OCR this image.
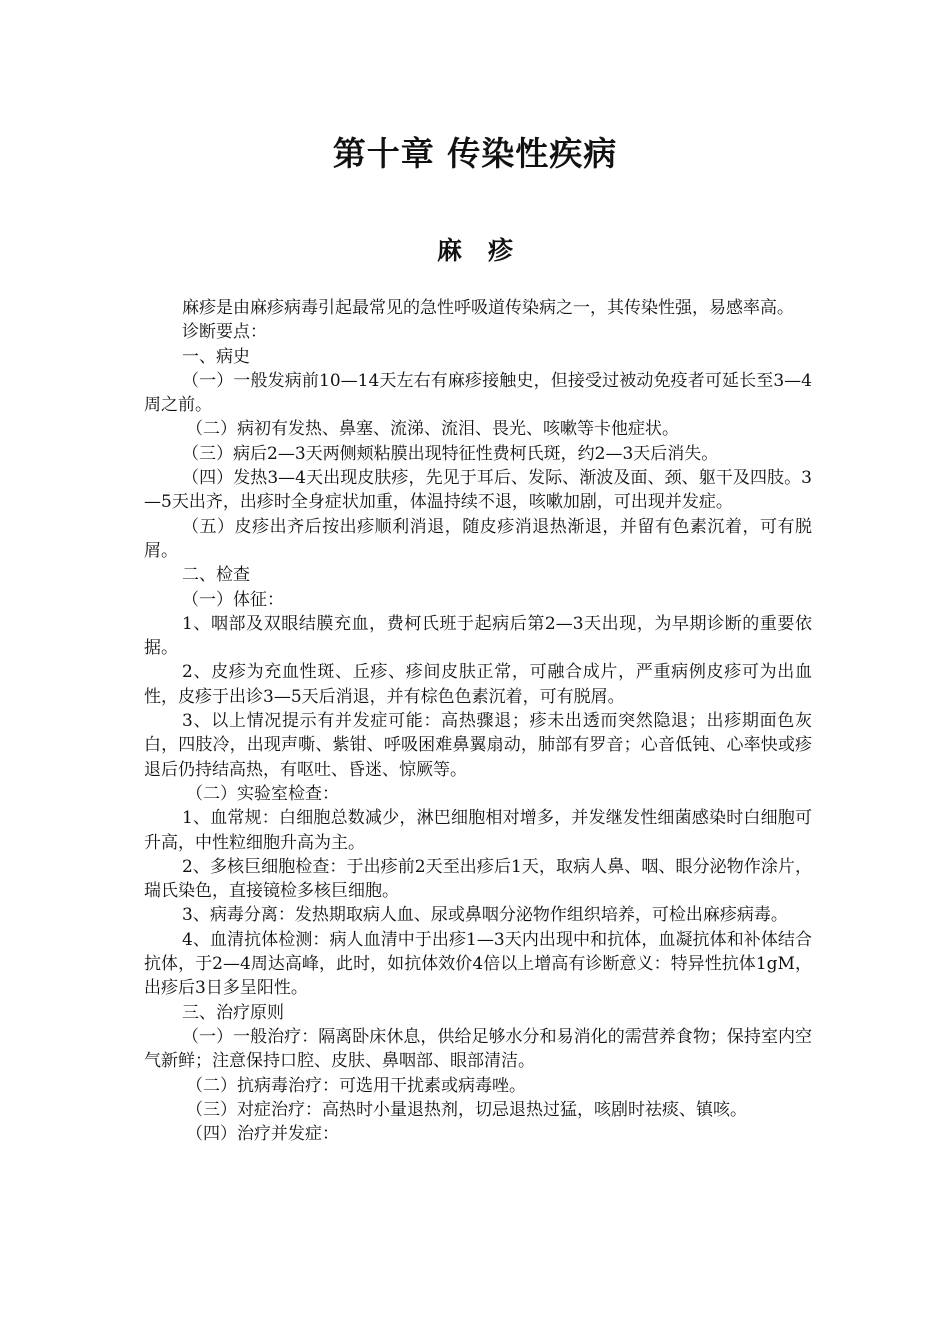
第十章 传染性疾病
麻疹

麻疹是由麻疹病毒引起最常见的急性呼吸道传染病之一，其传染性强，易感率高。

诊断要点：

一、病史

（一）一般发病前10—14天左右有麻疹接触史，但接受过被动免疫者可延长至3—4周之前。

（二）病初有发热、鼻塞、流涕、流泪、畏光、咳嗽等卡他症状。

（三）病后2—3天两侧颊粘膜出现特征性费柯氏斑，约2—3天后消失。

（四）发热3—4天出现皮肤疹，先见于耳后、发际、渐波及面、颈、躯干及四肢。3—5天出齐，出疹时全身症状加重，体温持续不退，咳嗽加剧，可出现并发症。

（五）皮疹出齐后按出疹顺利消退，随皮疹消退热渐退，并留有色素沉着，可有脱屑。

二、检查

（一）体征：

1、咽部及双眼结膜充血，费柯氏班于起病后第2—3天出现，为早期诊断的重要依据。

2、皮疹为充血性斑、丘疹、疹间皮肤正常，可融合成片，严重病例皮疹可为出血性，皮疹于出诊3—5天后消退，并有棕色色素沉着，可有脱屑。

3、以上情况提示有并发症可能：高热骤退；疹未出透而突然隐退；出疹期面色灰白，四肢冷，出现声嘶、紫钳、呼吸困难鼻翼扇动，肺部有罗音；心音低钝、心率快或疹退后仍持结高热，有呕吐、昏迷、惊厥等。

（二）实验室检查：

1、血常规：白细胞总数减少，淋巴细胞相对增多，并发继发性细菌感染时白细胞可升高，中性粒细胞升高为主。

2、多核巨细胞检查：于出疹前2天至出疹后1天，取病人鼻、咽、眼分泌物作涂片，瑞氏染色，直接镜检多核巨细胞。

3、病毒分离：发热期取病人血、尿或鼻咽分泌物作组织培养，可检出麻疹病毒。

4、血清抗体检测：病人血清中于出疹1—3天内出现中和抗体，血凝抗体和补体结合抗体，于2—4周达高峰，此时，如抗体效价4倍以上增高有诊断意义：特异性抗体1gM，出疹后3日多呈阳性。

三、治疗原则

（一）一般治疗：隔离卧床休息，供给足够水分和易消化的需营养食物；保持室内空气新鲜；注意保持口腔、皮肤、鼻咽部、眼部清洁。

（二）抗病毒治疗：可选用干扰素或病毒唑。

（三）对症治疗：高热时小量退热剂，切忌退热过猛，咳剧时祛痰、镇咳。

（四）治疗并发症：
